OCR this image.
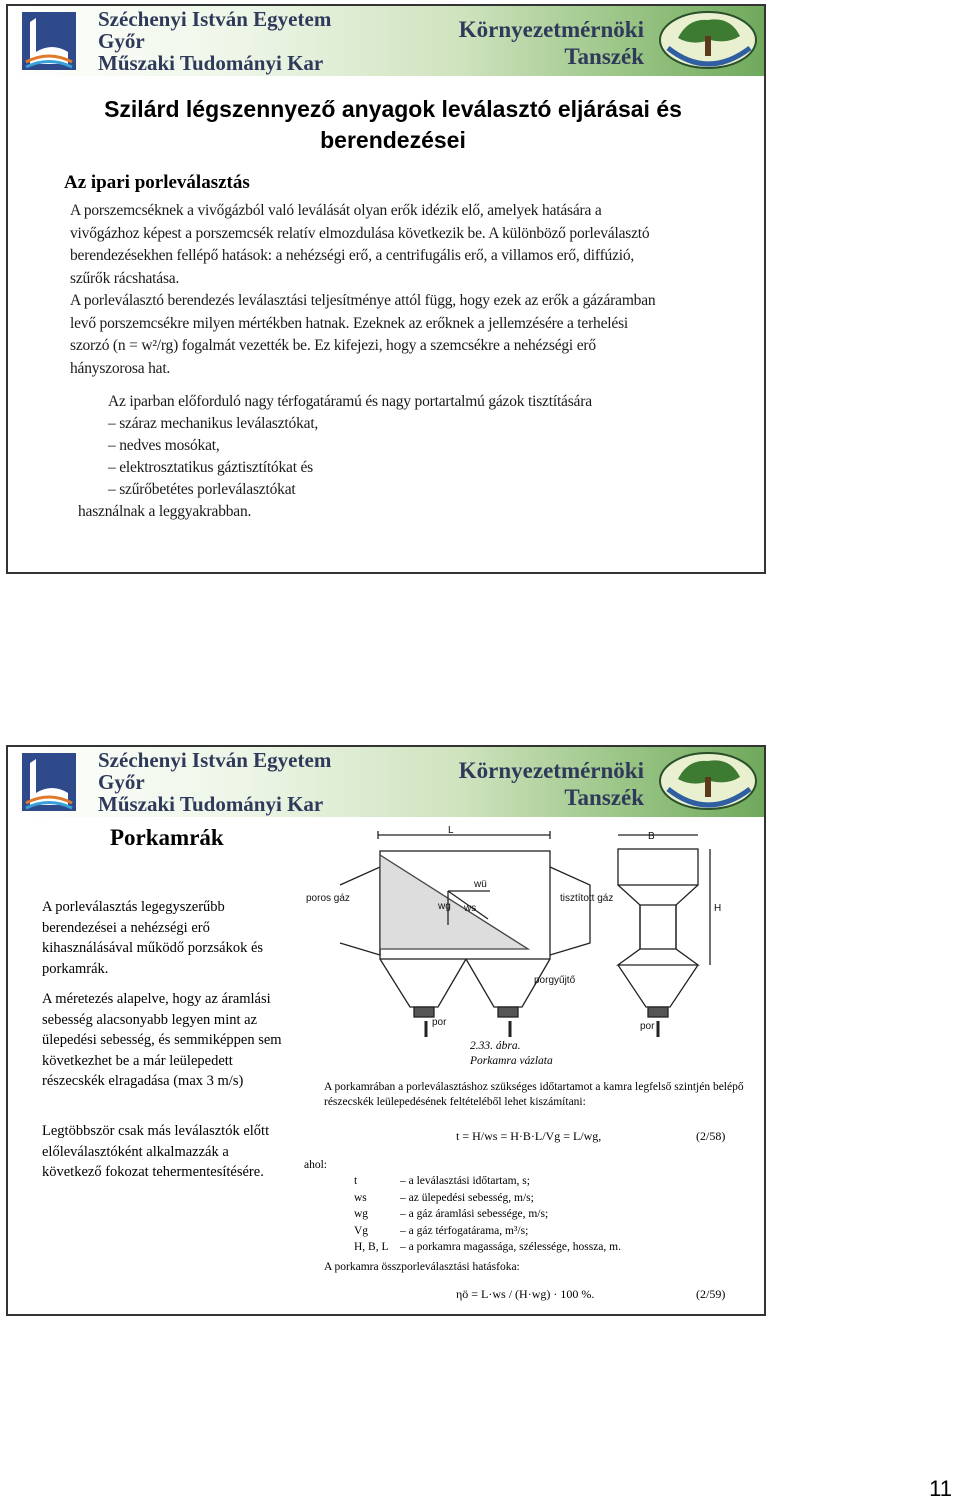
Széchenyi István Egyetem
Győr
Műszaki Tudományi Kar
Környezetmérnöki
Tanszék
Szilárd légszennyező anyagok leválasztó eljárásai és berendezései
Az ipari porleválasztás

A porszemcséknek a vivőgázból való leválását olyan erők idézik elő, amelyek hatására a vivőgázhoz képest a porszemcsék relatív elmozdulása következik be. A különböző porleválasztó berendezésekhen fellépő hatások: a nehézségi erő, a centrifugális erő, a villamos erő, diffúzió, szűrők rácshatása.

A porleválasztó berendezés leválasztási teljesítménye attól függ, hogy ezek az erők a gázáramban levő porszemcsékre milyen mértékben hatnak. Ezeknek az erőknek a jellemzésére a terhelési szorzó (n = w²/rg) fogalmát vezették be. Ez kifejezi, hogy a szemcsékre a nehézségi erő hányszorosa hat.

Az iparban előforduló nagy térfogatáramú és nagy portartalmú gázok tisztítására
– száraz mechanikus leválasztókat,
– nedves mosókat,
– elektrosztatikus gáztisztítókat és
– szűrőbetétes porleválasztókat
használnak a leggyakrabban.
Széchenyi István Egyetem
Győr
Műszaki Tudományi Kar
Környezetmérnöki
Tanszék
Porkamrák
A porleválasztás legegyszerűbb berendezései a nehézségi erő kihasználásával működő porzsákok és porkamrák.
A méretezés alapelve, hogy az áramlási sebesség alacsonyabb legyen mint az ülepedési sebesség, és semmiképpen sem következhet be a már leülepedett részecskék elragadása (max 3 m/s)
Legtöbbször csak más leválasztók előtt előleválasztóként alkalmazzák a következő fokozat tehermentesítésére.
L
B
H
poros gáz	tisztított gáz
porgyűjtő
por	por
wg ws
wü
2.33. ábra.
Porkamra vázlata
A porkamrában a porleválasztáshoz szükséges időtartamot a kamra legfelső szintjén belépő részecskék leülepedésének feltételéből lehet kiszámítani:
t = H/ws = H·B·L/Vg = L/wg,	(2/58)
ahol:
t	– a leválasztási időtartam, s;
ws	– az ülepedési sebesség, m/s;
wg	– a gáz áramlási sebessége, m/s;
Vg	– a gáz térfogatárama, m³/s;
H, B, L	– a porkamra magassága, szélessége, hossza, m.
A porkamra összporleválasztási hatásfoka:
ηö = L·ws / (H·wg) · 100 %.	(2/59)
11
